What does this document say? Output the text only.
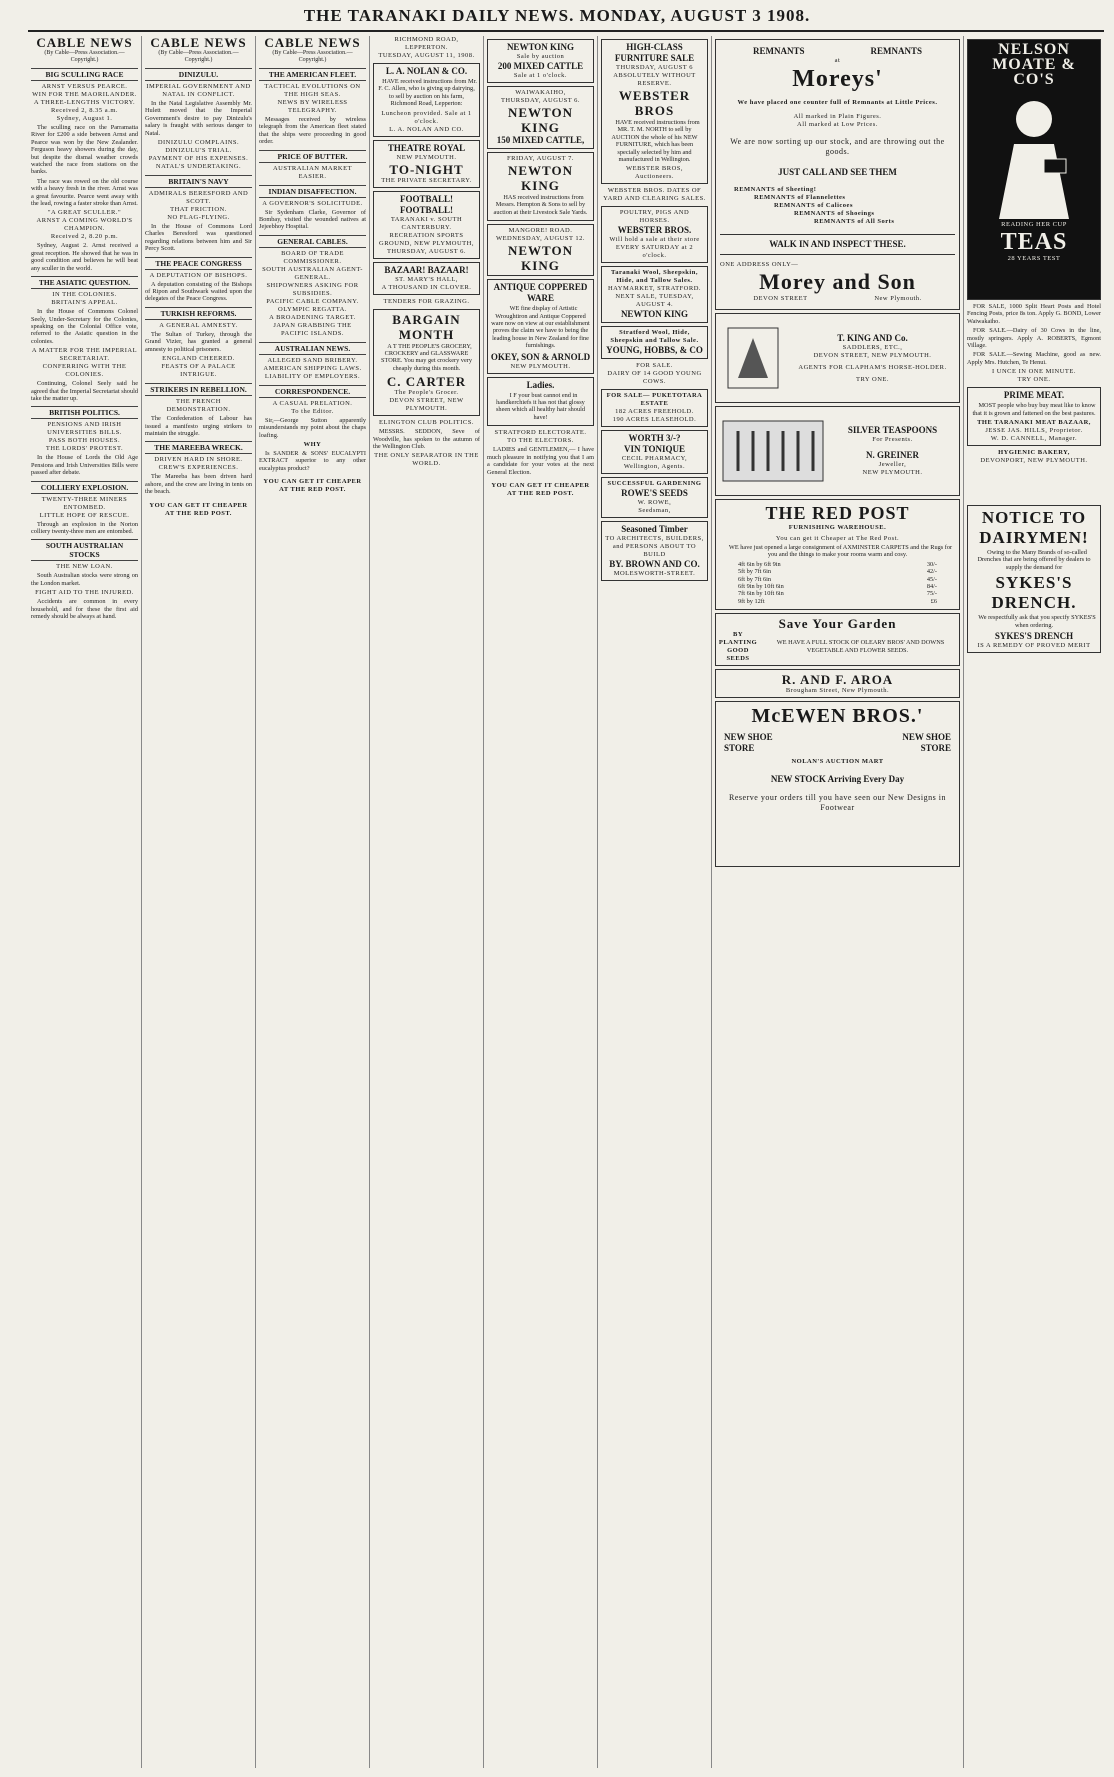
THE TARANAKI DAILY NEWS. MONDAY, AUGUST 3 1908.
CABLE NEWS
(By Cable—Press Association.—Copyright.)
BIG SCULLING RACE
ARNST VERSUS PEARCE.
WIN FOR THE MAORILANDER.
A THREE-LENGTHS VICTORY.
Received 2, 8.35 a.m.
Sydney, August 1.
The sculling race on the Parramatta River for £200 a side between Arnst and Pearce was won by the New Zealander. Ferguson heavy showers during the day, but despite the dismal weather crowds watched the race from stations on the banks.
The race was rowed on the old course with a heavy fresh in the river. Arnst was a great favourite. Pearce went away with the lead, rowing a faster stroke than Arnst.
"A GREAT SCULLER."
ARNST A COMING WORLD'S CHAMPION.
Received 2, 8.20 p.m.
Sydney, August 2. Arnst received a great reception. He showed that he was in good condition and believes he will beat any sculler in the world.
THE ASIATIC QUESTION.
IN THE COLONIES.
BRITAIN'S APPEAL.
In the House of Commons Colonel Seely, Under-Secretary for the Colonies, speaking on the Colonial Office vote, referred to the Asiatic question in the colonies.
A MATTER FOR THE IMPERIAL SECRETARIAT.
CONFERRING WITH THE COLONIES.
Continuing, Colonel Seely said he agreed that the Imperial Secretariat should take the matter up.
BRITISH POLITICS.
PENSIONS AND IRISH UNIVERSITIES BILLS.
PASS BOTH HOUSES.
THE LORDS' PROTEST.
In the House of Lords the Old Age Pensions and Irish Universities Bills were passed after debate.
COLLIERY EXPLOSION.
TWENTY-THREE MINERS ENTOMBED.
LITTLE HOPE OF RESCUE.
Through an explosion in the Norton colliery twenty-three men are entombed.
SOUTH AUSTRALIAN STOCKS
THE NEW LOAN.
South Australian stocks were strong on the London market.
FIGHT AID TO THE INJURED.
Accidents are common in every household, and for these the first aid remedy should be always at hand.
CABLE NEWS
(By Cable—Press Association.—Copyright.)
DINIZULU.
IMPERIAL GOVERNMENT AND NATAL IN CONFLICT.
In the Natal Legislative Assembly Mr. Hulett moved that the Imperial Government's desire to pay Dinizulu's salary is fraught with serious danger to Natal.
DINIZULU COMPLAINS.
DINIZULU'S TRIAL.
PAYMENT OF HIS EXPENSES.
NATAL'S UNDERTAKING.
BRITAIN'S NAVY
ADMIRALS BERESFORD AND SCOTT.
THAT FRICTION.
NO FLAG-FLYING.
In the House of Commons Lord Charles Beresford was questioned regarding relations between him and Sir Percy Scott.
THE PEACE CONGRESS
A DEPUTATION OF BISHOPS.
A deputation consisting of the Bishops of Ripon and Southwark waited upon the delegates of the Peace Congress.
TURKISH REFORMS.
A GENERAL AMNESTY.
The Sultan of Turkey, through the Grand Vizier, has granted a general amnesty to political prisoners.
ENGLAND CHEERED.
FEASTS OF A PALACE INTRIGUE.
STRIKERS IN REBELLION.
THE FRENCH DEMONSTRATION.
The Confederation of Labour has issued a manifesto urging strikers to maintain the struggle.
THE MAREEBA WRECK.
DRIVEN HARD IN SHORE.
CREW'S EXPERIENCES.
The Mareeba has been driven hard ashore, and the crew are living in tents on the beach.
YOU CAN GET IT CHEAPER AT THE RED POST.
CABLE NEWS
(By Cable—Press Association.—Copyright.)
THE AMERICAN FLEET.
TACTICAL EVOLUTIONS ON THE HIGH SEAS.
NEWS BY WIRELESS TELEGRAPHY.
Messages received by wireless telegraph from the American fleet stated that the ships were proceeding in good order.
PRICE OF BUTTER.
AUSTRALIAN MARKET EASIER.
INDIAN DISAFFECTION.
A GOVERNOR'S SOLICITUDE.
Sir Sydenham Clarke, Governor of Bombay, visited the wounded natives at Jejeebhoy Hospital.
GENERAL CABLES.
BOARD OF TRADE COMMISSIONER.
SOUTH AUSTRALIAN AGENT-GENERAL.
SHIPOWNERS ASKING FOR SUBSIDIES.
PACIFIC CABLE COMPANY.
OLYMPIC REGATTA.
A BROADENING TARGET.
JAPAN GRABBING THE PACIFIC ISLANDS.
AUSTRALIAN NEWS.
ALLEGED SAND BRIBERY.
AMERICAN SHIPPING LAWS.
LIABILITY OF EMPLOYERS.
CORRESPONDENCE.
A CASUAL PRELATION.
To the Editor.
Sir,—George Sutton apparently misunderstands my point about the chaps loafing.
WHY
Is SANDER & SONS' EUCALYPTI EXTRACT superior to any other eucalyptus product?
YOU CAN GET IT CHEAPER AT THE RED POST.
RICHMOND ROAD, LEPPERTON.
TUESDAY, AUGUST 11, 1908.
L. A. NOLAN & CO.
HAVE received instructions from Mr. F. C. Allen, who is giving up dairying, to sell by auction on his farm, Richmond Road, Lepperton:
Luncheon provided. Sale at 1 o'clock.
L. A. NOLAN AND CO.
THEATRE ROYAL
NEW PLYMOUTH.
TO-NIGHT
THE PRIVATE SECRETARY.
FOOTBALL! FOOTBALL!
TARANAKI v. SOUTH CANTERBURY.
RECREATION SPORTS GROUND, NEW PLYMOUTH,
THURSDAY, AUGUST 6.
BAZAAR! BAZAAR!
ST. MARY'S HALL,
A THOUSAND IN CLOVER.
TENDERS FOR GRAZING.
BARGAIN MONTH
A T THE PEOPLE'S GROCERY, CROCKERY and GLASSWARE STORE. You may get crockery very cheaply during this month.
C. CARTER
The People's Grocer.
DEVON STREET, NEW PLYMOUTH.
ELINGTON CLUB POLITICS.
MESSRS. SEDDON, Seve of Woodville, has spoken to the autumn of the Wellington Club.
THE ONLY SEPARATOR IN THE WORLD.
NEWTON KING
Sale by auction
200 MIXED CATTLE
Sale at 1 o'clock.
WAIWAKAIHO,
THURSDAY, AUGUST 6.
NEWTON KING
150 MIXED CATTLE,
FRIDAY, AUGUST 7.
NEWTON KING
HAS received instructions from Messrs. Hempton & Sons to sell by auction at their Livestock Sale Yards.
MANGORE! ROAD.
WEDNESDAY, AUGUST 12.
NEWTON KING
ANTIQUE COPPERED WARE
WE fine display of Artistic Wroughtiron and Antique Coppered ware now on view at our establishment proves the claim we have to being the leading house in New Zealand for fine furnishings.
OKEY, SON & ARNOLD
NEW PLYMOUTH.
Ladies.
I F your bust cannot end in handkerchiefs it has not that glossy sheen which all healthy hair should have!
STRATFORD ELECTORATE.
TO THE ELECTORS.
LADIES and GENTLEMEN,— I have much pleasure in notifying you that I am a candidate for your votes at the next General Election.
YOU CAN GET IT CHEAPER AT THE RED POST.
HIGH-CLASS FURNITURE SALE
THURSDAY, AUGUST 6
ABSOLUTELY WITHOUT RESERVE.
WEBSTER BROS
HAVE received instructions from MR. T. M. NORTH to sell by AUCTION the whole of his NEW FURNITURE, which has been specially selected by him and manufactured in Wellington.
WEBSTER BROS,
Auctioneers.
WEBSTER BROS. DATES OF YARD AND CLEARING SALES.
POULTRY, PIGS AND HORSES.
WEBSTER BROS.
Will hold a sale at their store EVERY SATURDAY at 2 o'clock.
Taranaki Wool, Sheepskin, Hide, and Tallow Sales.
HAYMARKET, STRATFORD.
NEXT SALE, TUESDAY, AUGUST 4.
NEWTON KING
Stratford Wool, Hide, Sheepskin and Tallow Sale.
YOUNG, HOBBS, & CO
FOR SALE.
DAIRY OF 14 GOOD YOUNG COWS.
FOR SALE— PUKETOTARA ESTATE
182 ACRES FREEHOLD.
190 ACRES LEASEHOLD.
WORTH 3/-?
VIN TONIQUE
CECIL PHARMACY,
Wellington, Agents.
SUCCESSFUL GARDENING
ROWE'S SEEDS
W. ROWE,
Seedsman,
Seasoned Timber
TO ARCHITECTS, BUILDERS, and PERSONS ABOUT TO BUILD
BY. BROWN AND CO.
MOLESWORTH-STREET.
REMNANTS	REMNANTS
at
Moreys'
We have placed one counter full of Remnants at Little Prices.
All marked in Plain Figures.
All marked at Low Prices.
We are now sorting up our stock, and are throwing out the goods.
JUST CALL AND SEE THEM
REMNANTS of Sheeting!
REMNANTS of Flannelettes
REMNANTS of Calicoes
REMNANTS of Shoeings
REMNANTS of All Sorts
WALK IN AND INSPECT THESE.
ONE ADDRESS ONLY—
Morey and Son
DEVON STREET	New Plymouth.
T. KING AND Co.
SADDLERS, ETC.,
DEVON STREET, NEW PLYMOUTH.
AGENTS FOR CLAPHAM'S HORSE-HOLDER.
TRY ONE.
SILVER TEASPOONS
For Presents.
N. GREINER
Jeweller,
NEW PLYMOUTH.
THE RED POST
FURNISHING WAREHOUSE.
You can get it Cheaper at The Red Post.
WE have just opened a large consignment of AXMINSTER CARPETS and the Rugs for you and the things to make your rooms warm and cosy.
4ft 6in by 6ft 9in	30/-
5ft by 7ft 6in	42/-
6ft by 7ft 6in	45/-
6ft 9in by 10ft 6in	84/-
7ft 6in by 10ft 6in	75/-
9ft by 12ft	£6
Save Your Garden
BY PLANTING GOOD SEEDS
WE HAVE A FULL STOCK OF OLEARY BROS' AND DOWNS VEGETABLE AND FLOWER SEEDS.
R. AND F. AROA
Brougham Street, New Plymouth.
McEWEN BROS.'
NEW SHOE STORE
NEW SHOE STORE
NOLAN'S AUCTION MART
NEW STOCK Arriving Every Day
Reserve your orders till you have seen our New Designs in Footwear
NELSON MOATE & CO'S
READING HER CUP
TEAS
28 YEARS TEST
FOR SALE, 1000 Split Heart Posts and Hotel Fencing Posts, price 8s ton. Apply G. BOND, Lower Waiwakaiho.
FOR SALE.—Dairy of 30 Cows in the line, mostly springers. Apply A. ROBERTS, Egmont Village.
FOR SALE.—Sewing Machine, good as new. Apply Mrs. Hutchen, Te Henui.
I UNCE IN ONE MINUTE.
TRY ONE.
PRIME MEAT.
MOST people who buy buy meat like to know that it is grown and fattened on the best pastures.
THE TARANAKI MEAT BAZAAR,
JESSE JAS. HILLS, Proprietor.
W. D. CANNELL, Manager.
HYGIENIC BAKERY,
DEVONPORT, NEW PLYMOUTH.
NOTICE TO DAIRYMEN!
Owing to the Many Brands of so-called Drenches that are being offered by dealers to supply the demand for
SYKES'S DRENCH.
We respectfully ask that you specify SYKES'S when ordering.
SYKES'S DRENCH
IS A REMEDY OF PROVED MERIT
